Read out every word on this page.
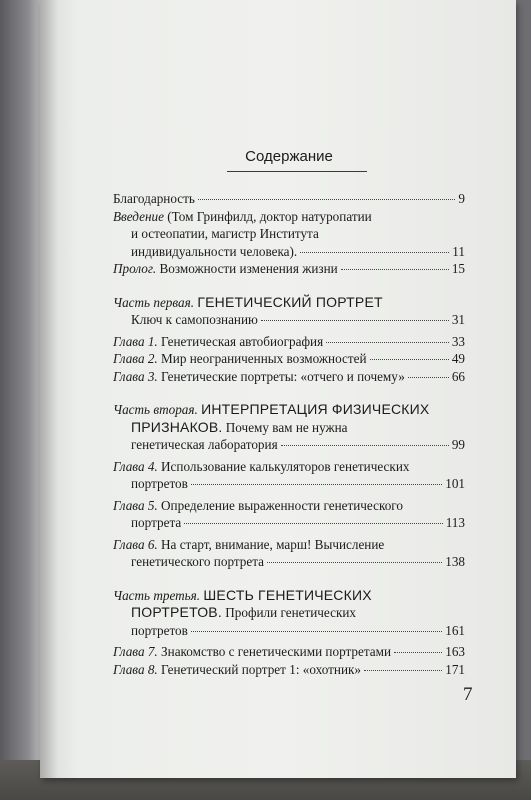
Содержание
Благодарность	9
Введение (Том Гринфилд, доктор натуропатии
и остеопатии, магистр Института
индивидуальности человека).	11
Пролог. Возможности изменения жизни	15
Часть первая. ГЕНЕТИЧЕСКИЙ ПОРТРЕТ
Ключ к самопознанию	31
Глава 1. Генетическая автобиография	33
Глава 2. Мир неограниченных возможностей	49
Глава 3. Генетические портреты: «отчего и почему»	66
Часть вторая. ИНТЕРПРЕТАЦИЯ ФИЗИЧЕСКИХ
ПРИЗНАКОВ. Почему вам не нужна
генетическая лаборатория	99
Глава 4. Использование калькуляторов генетических
портретов	101
Глава 5. Определение выраженности генетического
портрета	113
Глава 6. На старт, внимание, марш! Вычисление
генетического портрета	138
Часть третья. ШЕСТЬ ГЕНЕТИЧЕСКИХ
ПОРТРЕТОВ. Профили генетических
портретов	161
Глава 7. Знакомство с генетическими портретами	163
Глава 8. Генетический портрет 1: «охотник»	171
7
